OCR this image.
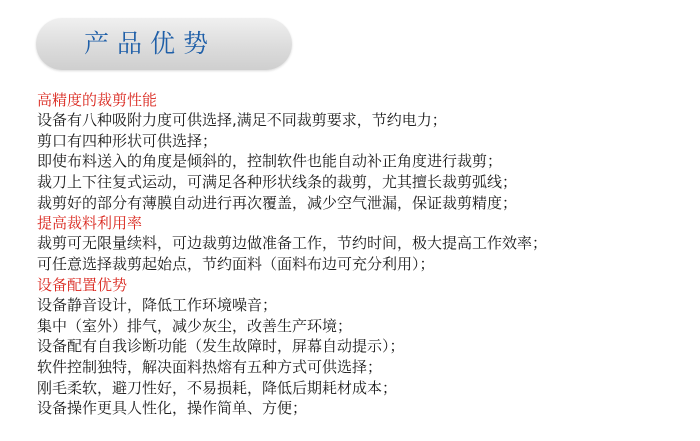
产品优势
高精度的裁剪性能
设备有八种吸附力度可供选择,满足不同裁剪要求，节约电力；
剪口有四种形状可供选择；
即使布料送入的角度是倾斜的，控制软件也能自动补正角度进行裁剪；
裁刀上下往复式运动，可满足各种形状线条的裁剪，尤其擅长裁剪弧线；
裁剪好的部分有薄膜自动进行再次覆盖，减少空气泄漏，保证裁剪精度；
提高裁料利用率
裁剪可无限量续料，可边裁剪边做准备工作，节约时间，极大提高工作效率；
可任意选择裁剪起始点，节约面料（面料布边可充分利用）；
设备配置优势
设备静音设计，降低工作环境噪音；
集中（室外）排气，减少灰尘，改善生产环境；
设备配有自我诊断功能（发生故障时，屏幕自动提示）；
软件控制独特，解决面料热熔有五种方式可供选择；
刚毛柔软，避刀性好，不易损耗，降低后期耗材成本；
设备操作更具人性化，操作简单、方便；
